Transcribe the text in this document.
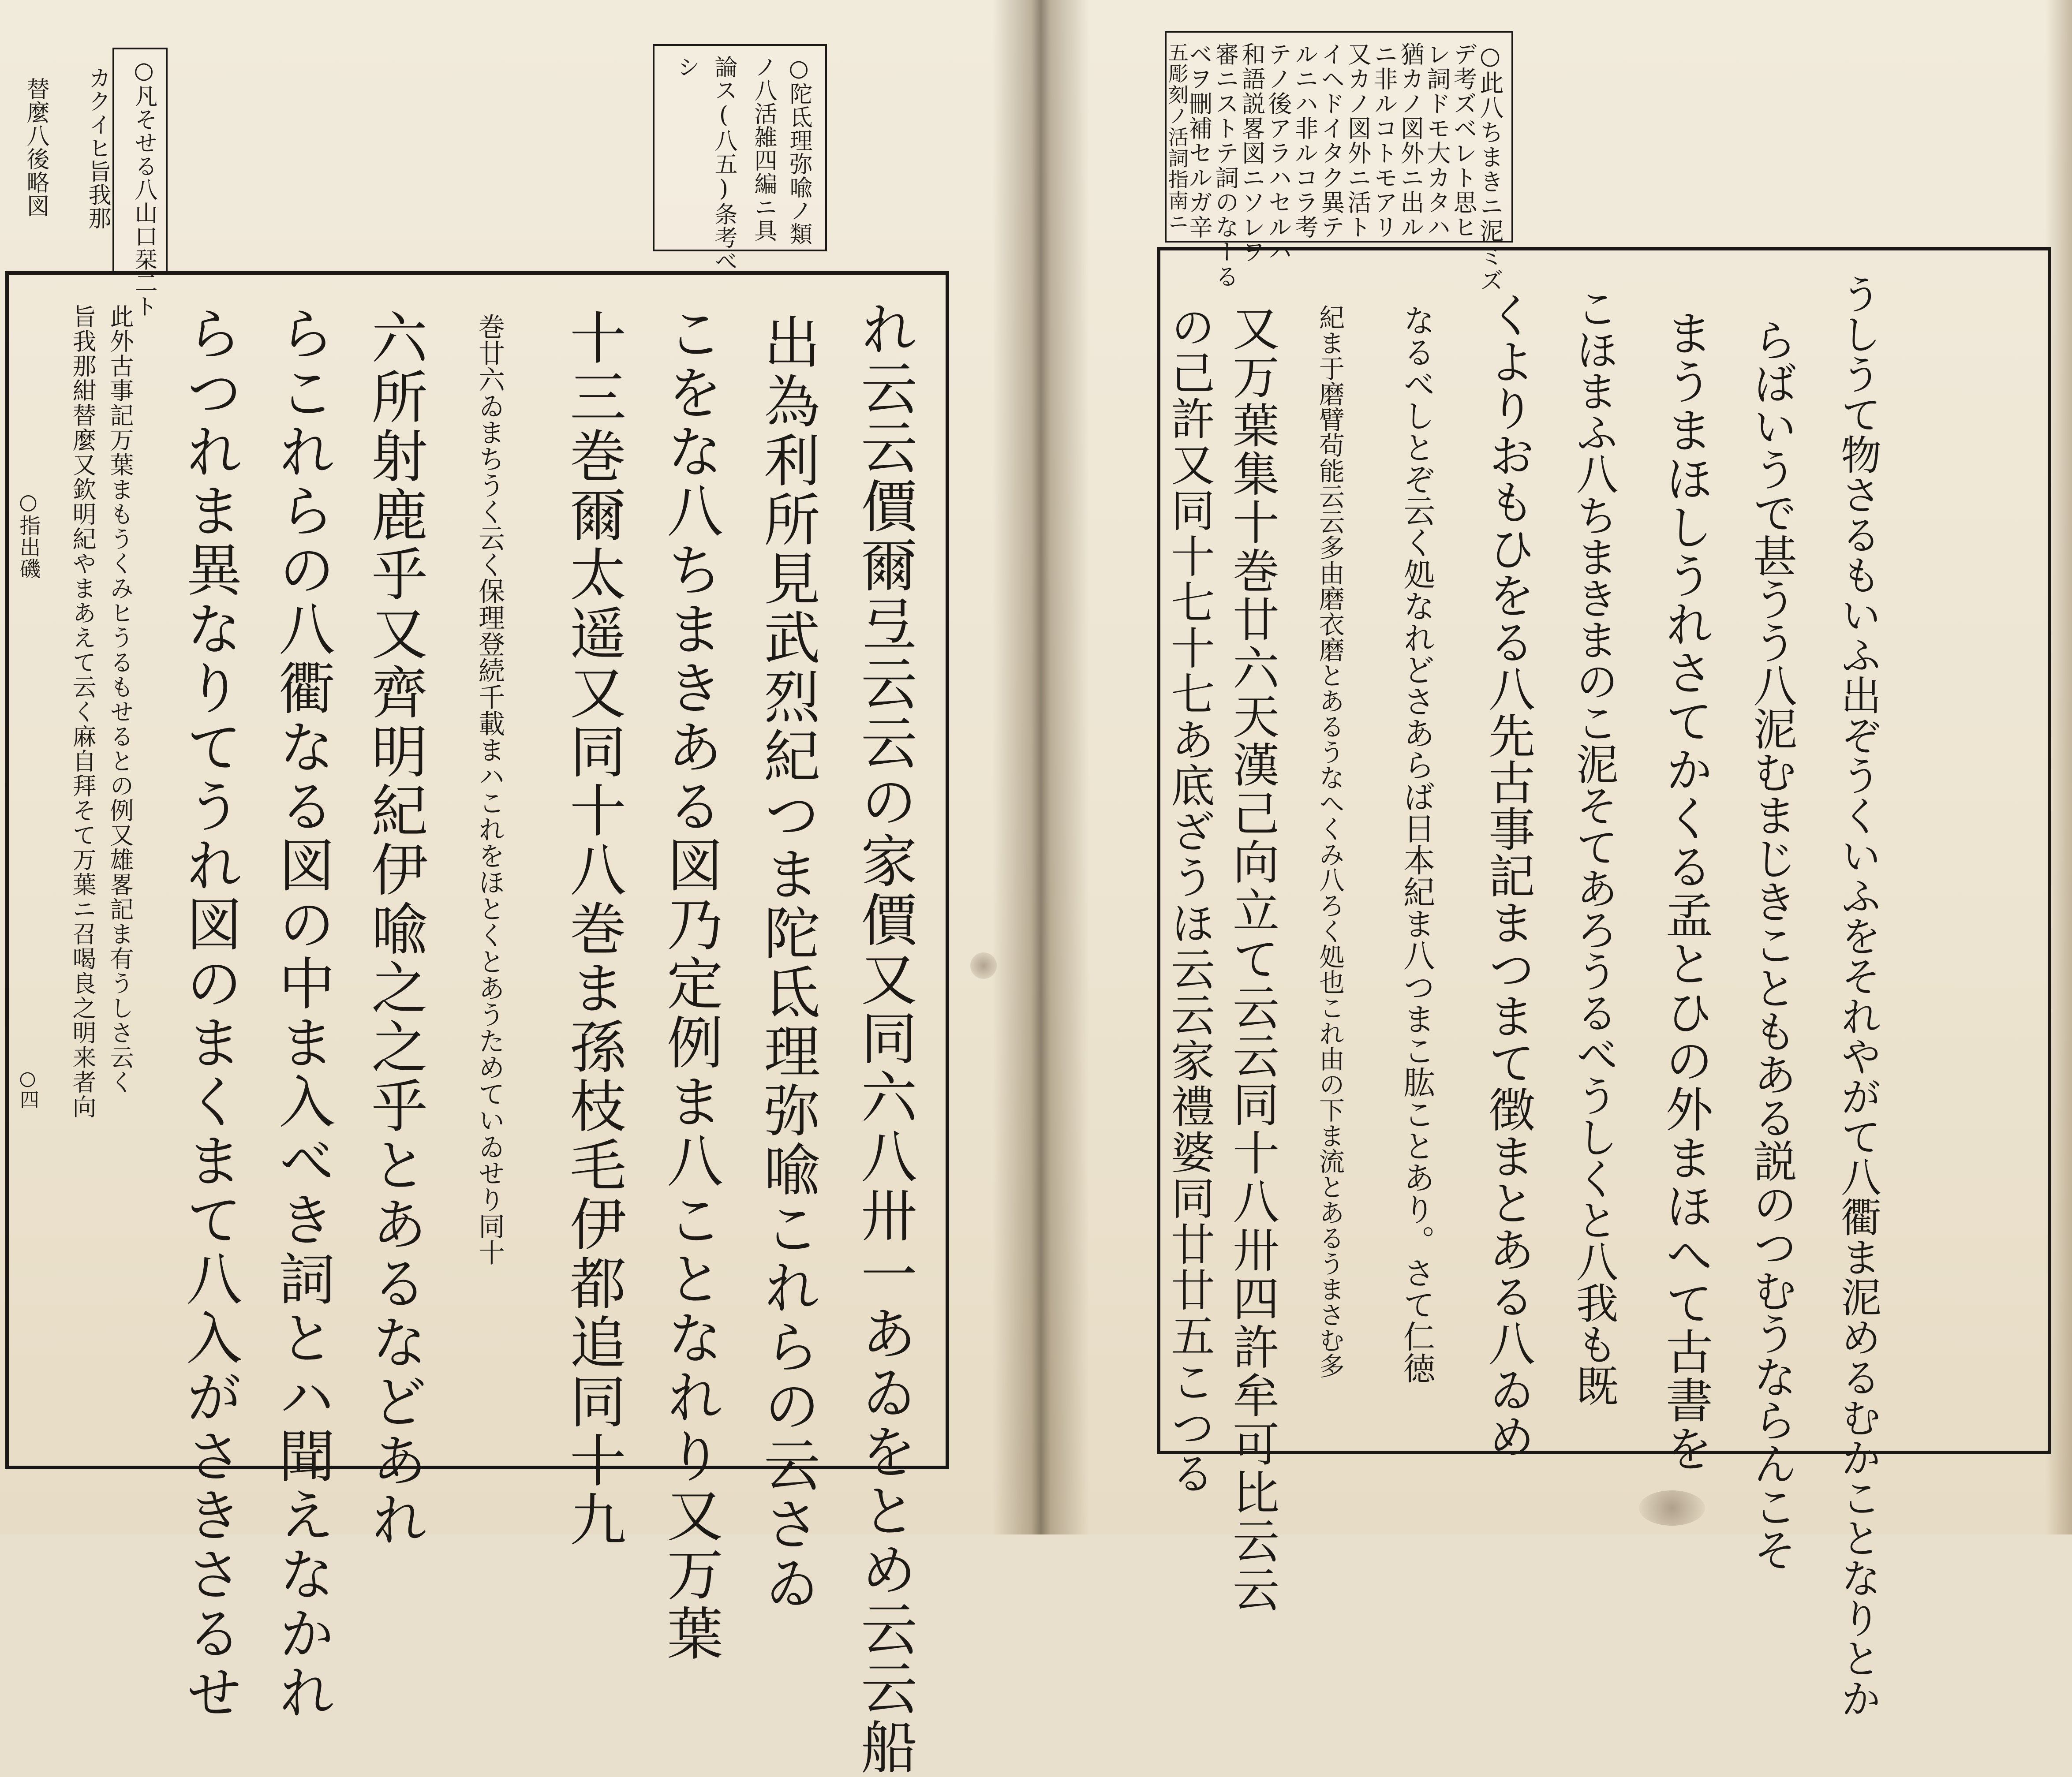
○凡そせる八山口栞二ト
カクイヒ旨我那
替麼八後略図	○陀氐理弥喩ノ類
ノ八活雑四編ニ具
論ス(八五)条考べ
シ
れ云云價爾弖云云の家價又同六八卅一あゐをとめ云云船
出為利所見武烈紀つま陀氐理弥喩これらの云さゐ
こをな八ちまきある図乃定例ま八ことなれり又万葉
十三巻爾太遥又同十八巻ま孫枝毛伊都追同十九
巻廿六ゐまちうく云く保理登続千載まハこれをほとくとあうためていゐせり同十
六所射鹿乎又齊明紀伊喩之之乎とあるなどあれ
らこれらの八衢なる図の中ま入べき詞とハ聞えなかれ
らつれま異なりてうれ図のまくまて八入がさきさるせ
此外古事記万葉まもうくみヒうるもせるとの例又雄畧記ま有うしさ云く
旨我那紺替麼又欽明紀やまあえて云く麻自拜そて万葉ニ召喝良之明来者向
○指出磯
○四
○此八ちまきニ泥ミズ
デ考ズベレト思ヒ
レ詞ドモ大カタハ
猶カノ図外ニ出ル
ニ非ルコトモアリ
又カノ図外ニ活ト
イヘドイタク異テ
ルニハ非ルコラ考
テノ後アラハセルハ
和語説畧図ニソレヲ
審ニストテ詞のなーる
ベヲ刪補セルガ辛
五彫刻ノ活詞指南ニ
うしうて物さるもいふ出ぞうくいふをそれやがて八衢ま泥めるむかことなりとか
らばいうで甚うう八泥むまじきこともある説のつむうならんこそ
まうまほしうれさてかくる孟とひの外まほへて古書を
こほまふ八ちまきまのこ泥そてあろうるべうしくと八我も既
くよりおもひをる八先古事記まつまて徴まとある八ゐめ
なるべしとぞ云く処なれどさあらば日本紀ま八つまこ肱ことあり。さて仁徳
紀ま于磨臂茍能云云多由磨衣磨とあるうなへくみ八ろく処也これ由の下ま流とあるうまさむ多
又万葉集十巻廿六天漢己向立て云云同十八卅四許牟可比云云
の己許又同十七十七あ底ざうほ云云家禮婆同廿廿五こつる
